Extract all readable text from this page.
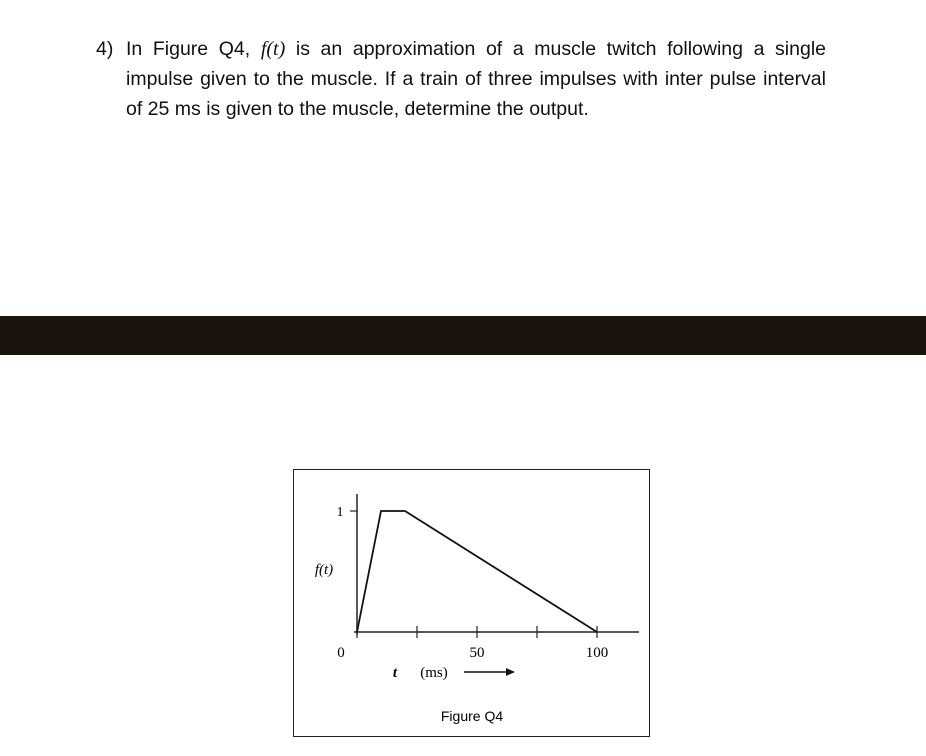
4) In Figure Q4, f(t) is an approximation of a muscle twitch following a single impulse given to the muscle. If a train of three impulses with inter pulse interval of 25 ms is given to the muscle, determine the output.
0	50	100
1
f(t)
t (ms)
Figure Q4
